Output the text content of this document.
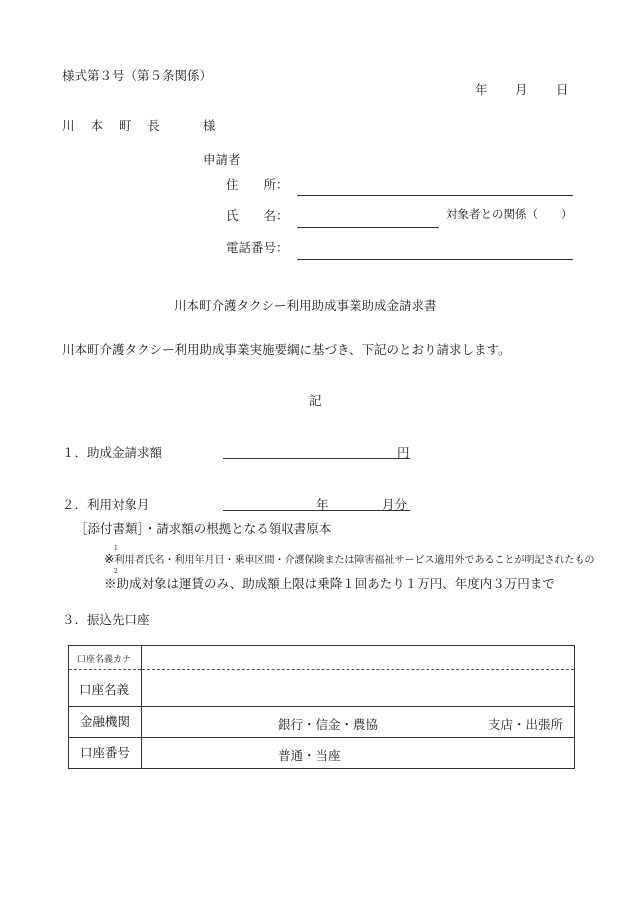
様式第３号（第５条関係）
年 月 日
川 本 町 長　　様
申請者
住　　所：
氏　　名：	対象者との関係（　　）
電話番号：
川本町介護タクシー利用助成事業助成金請求書
川本町介護タクシー利用助成事業実施要綱に基づき、下記のとおり請求します。
記
１．助成金請求額	円
２．利用対象月	年	月分
［添付書類］・請求額の根拠となる領収書原本
※利用者氏名・利用年月日・乗車区間・介護保険または障害福祉サービス適用外であることが明記されたもの
1
※助成対象は運賃のみ、助成額上限は乗降１回あたり１万円、年度内３万円まで
2
３．振込先口座
口座名義カナ
口座名義	

金融機関	銀行・信金・農協 支店・出張所

口座番号	普通・当座
